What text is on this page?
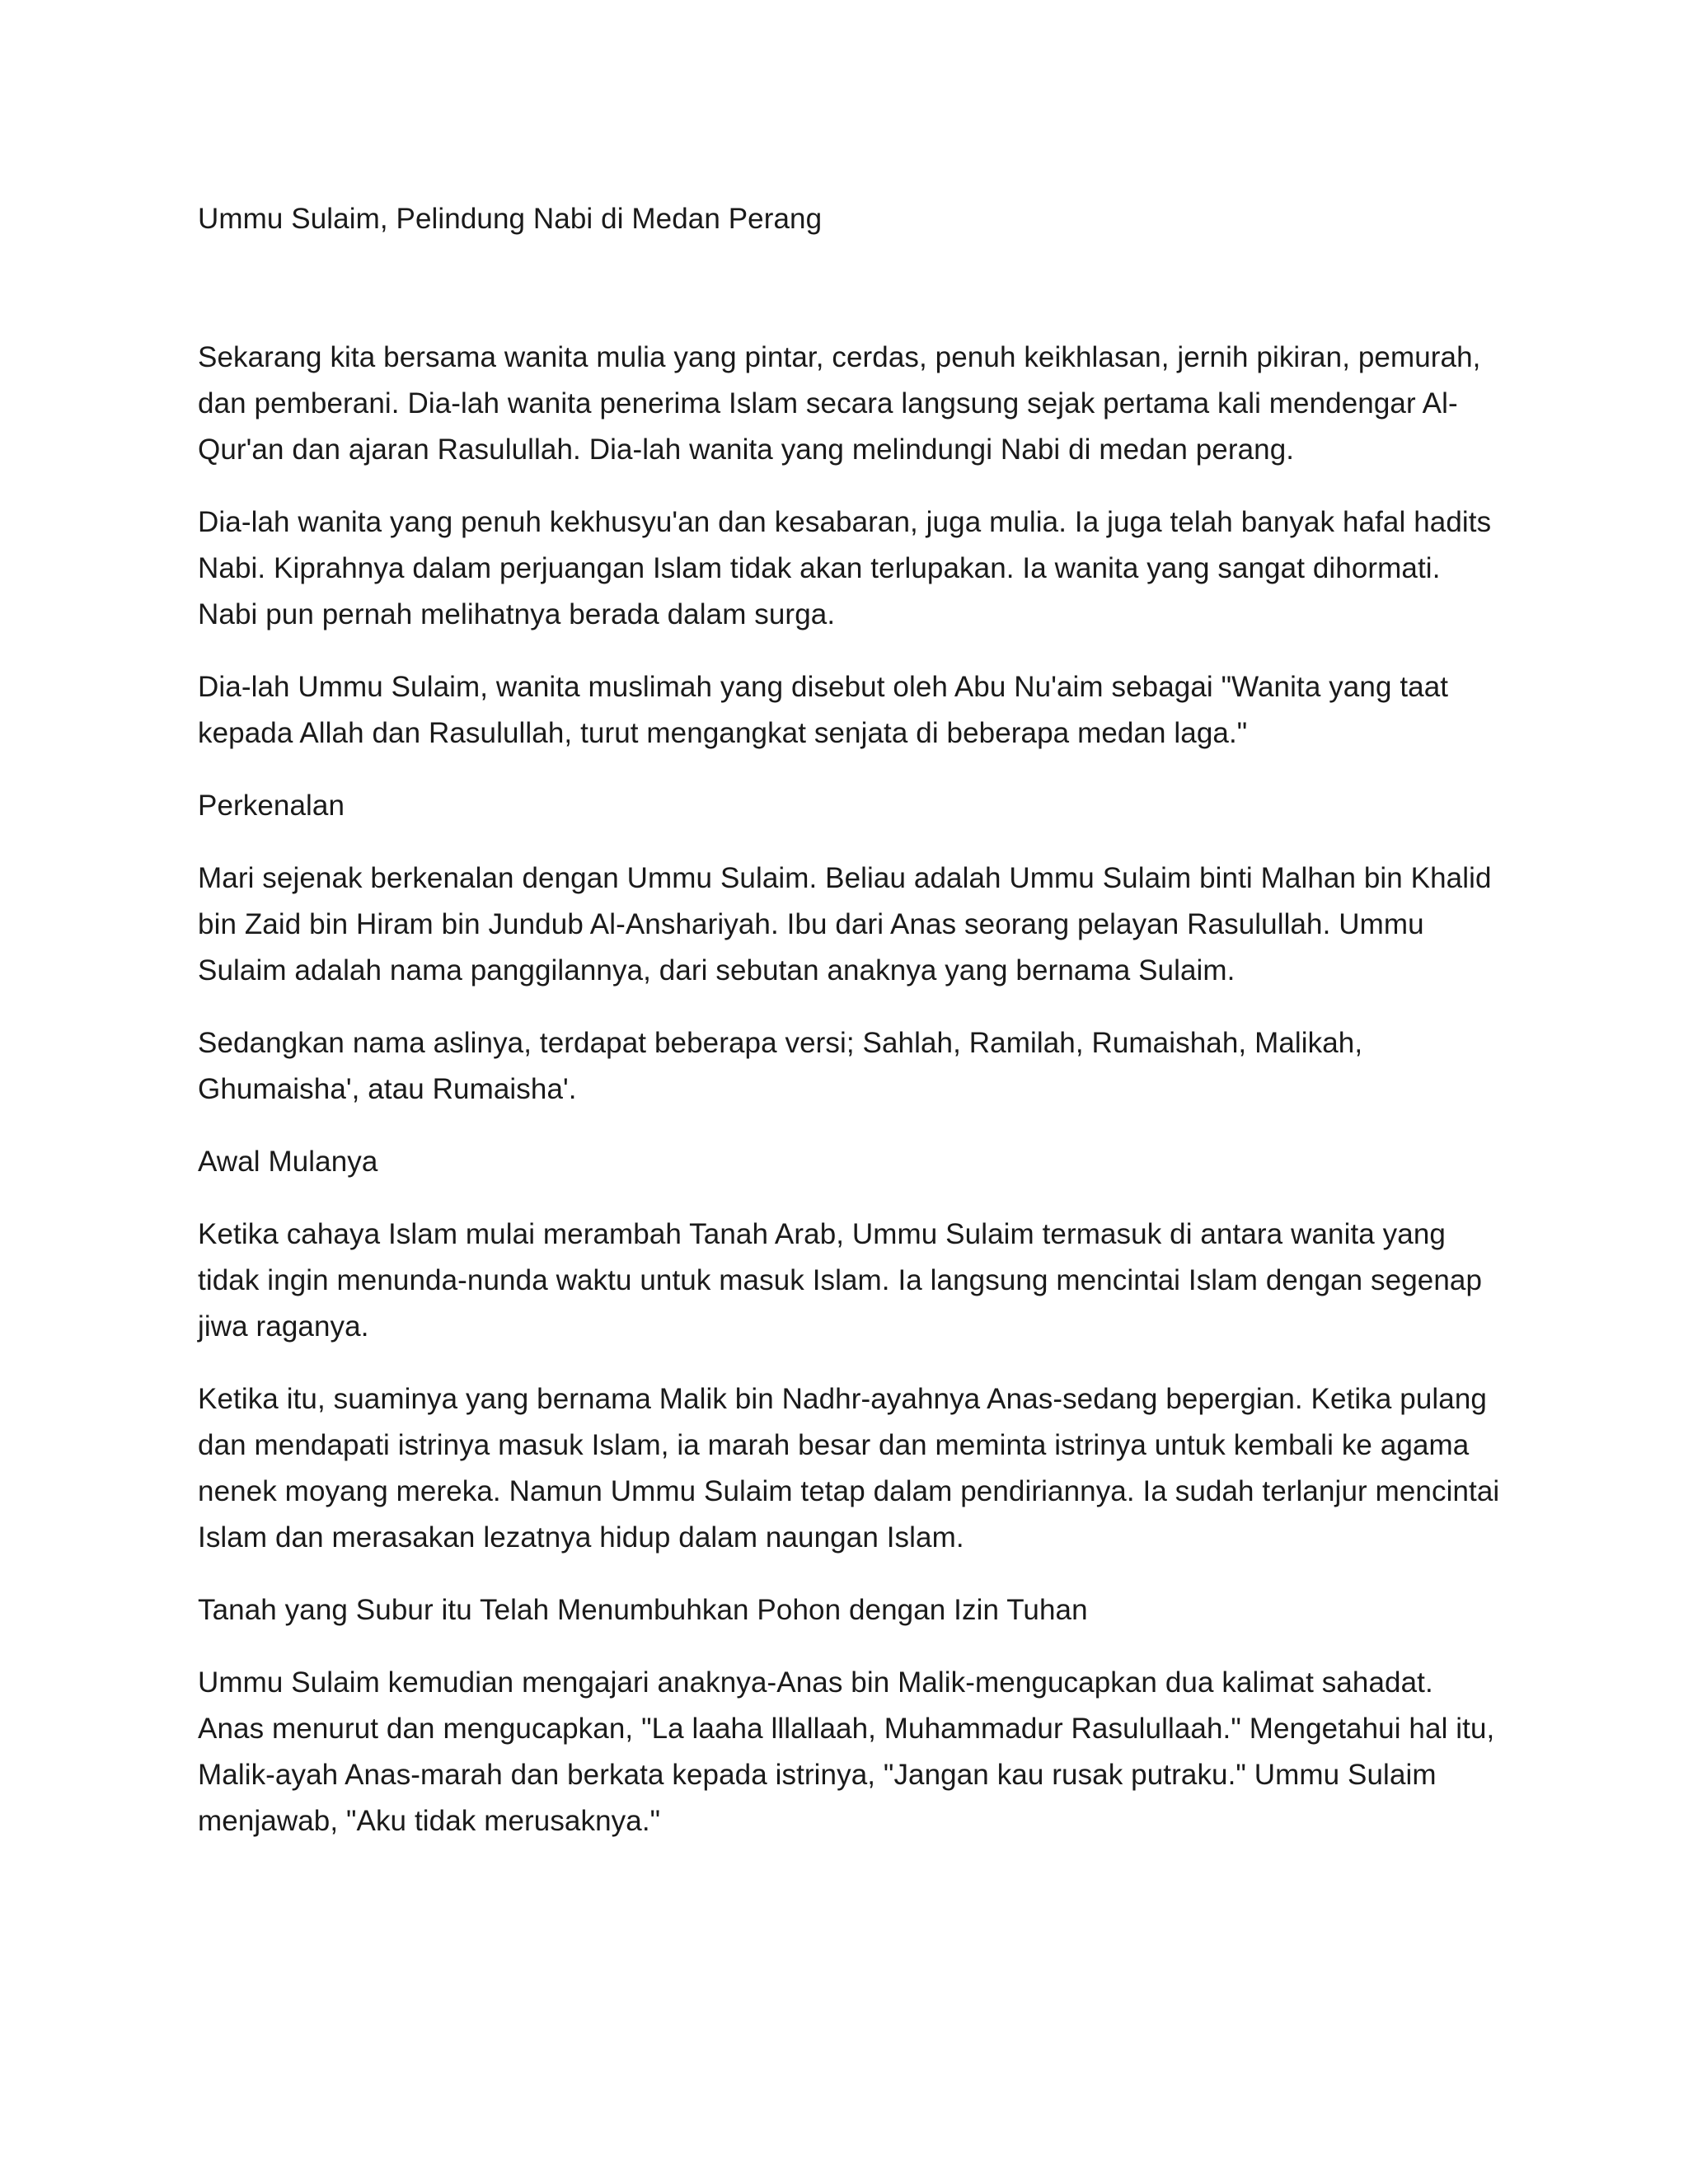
Ummu Sulaim, Pelindung Nabi di Medan Perang

Sekarang kita bersama wanita mulia yang pintar, cerdas, penuh keikhlasan, jernih pikiran, pemurah, dan pemberani. Dia-lah wanita penerima Islam secara langsung sejak pertama kali mendengar Al-Qur'an dan ajaran Rasulullah. Dia-lah wanita yang melindungi Nabi di medan perang.

Dia-lah wanita yang penuh kekhusyu'an dan kesabaran, juga mulia. Ia juga telah banyak hafal hadits Nabi. Kiprahnya dalam perjuangan Islam tidak akan terlupakan. Ia wanita yang sangat dihormati. Nabi pun pernah melihatnya berada dalam surga.

Dia-lah Ummu Sulaim, wanita muslimah yang disebut oleh Abu Nu'aim sebagai "Wanita yang taat kepada Allah dan Rasulullah, turut mengangkat senjata di beberapa medan laga."

Perkenalan

Mari sejenak berkenalan dengan Ummu Sulaim. Beliau adalah Ummu Sulaim binti Malhan bin Khalid bin Zaid bin Hiram bin Jundub Al-Anshariyah. Ibu dari Anas seorang pelayan Rasulullah. Ummu Sulaim adalah nama panggilannya, dari sebutan anaknya yang bernama Sulaim.

Sedangkan nama aslinya, terdapat beberapa versi; Sahlah, Ramilah, Rumaishah, Malikah, Ghumaisha', atau Rumaisha'.

Awal Mulanya

Ketika cahaya Islam mulai merambah Tanah Arab, Ummu Sulaim termasuk di antara wanita yang tidak ingin menunda-nunda waktu untuk masuk Islam. Ia langsung mencintai Islam dengan segenap jiwa raganya.

Ketika itu, suaminya yang bernama Malik bin Nadhr-ayahnya Anas-sedang bepergian. Ketika pulang dan mendapati istrinya masuk Islam, ia marah besar dan meminta istrinya untuk kembali ke agama nenek moyang mereka. Namun Ummu Sulaim tetap dalam pendiriannya. Ia sudah terlanjur mencintai Islam dan merasakan lezatnya hidup dalam naungan Islam.

Tanah yang Subur itu Telah Menumbuhkan Pohon dengan Izin Tuhan

Ummu Sulaim kemudian mengajari anaknya-Anas bin Malik-mengucapkan dua kalimat sahadat. Anas menurut dan mengucapkan, "La laaha lllallaah, Muhammadur Rasulullaah." Mengetahui hal itu, Malik-ayah Anas-marah dan berkata kepada istrinya, "Jangan kau rusak putraku." Ummu Sulaim menjawab, "Aku tidak merusaknya."
